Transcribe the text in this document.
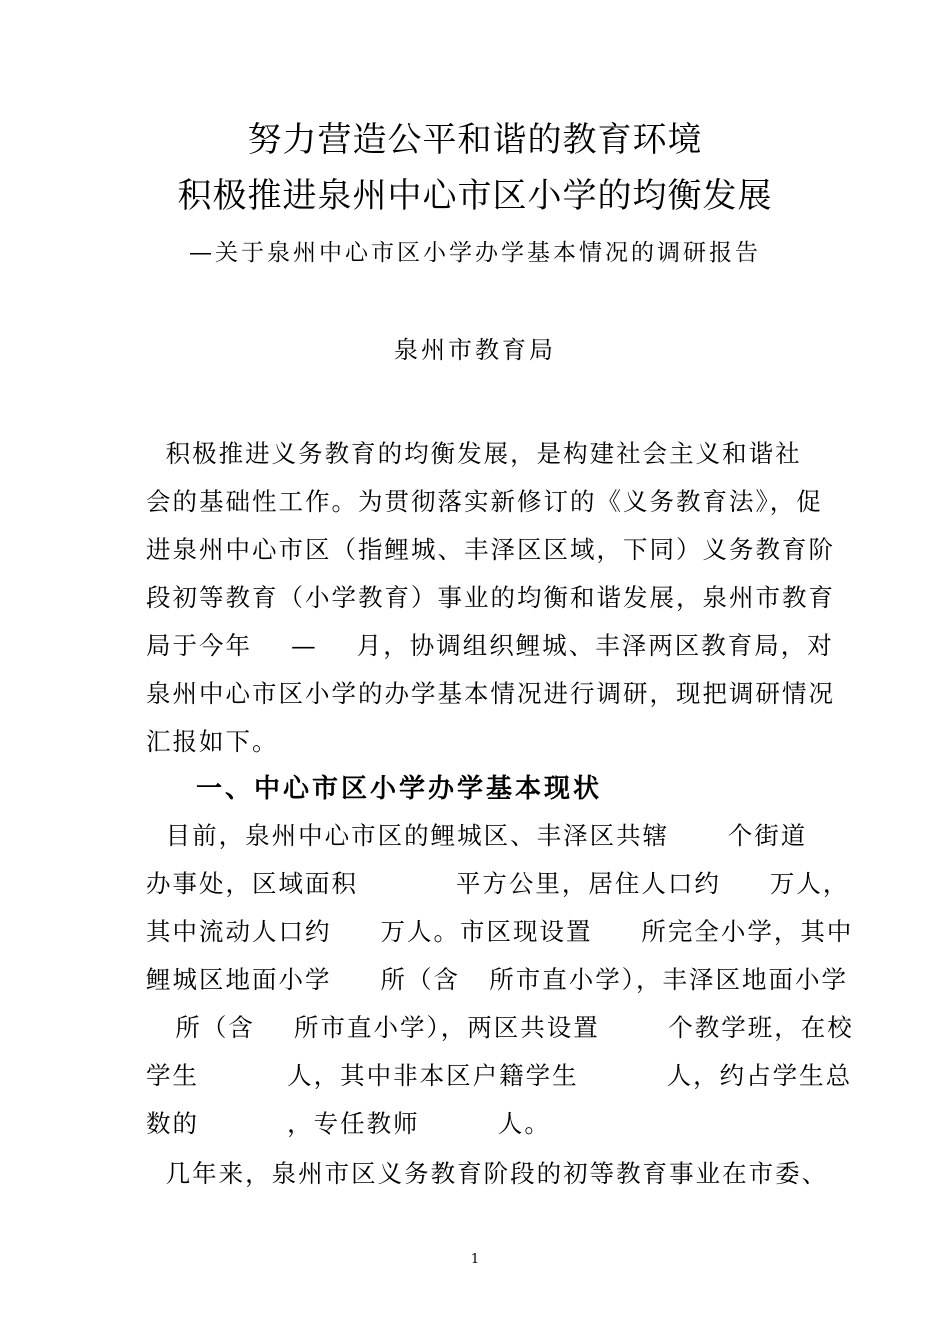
努力营造公平和谐的教育环境
积极推进泉州中心市区小学的均衡发展
—关于泉州中心市区小学办学基本情况的调研报告
泉州市教育局
积极推进义务教育的均衡发展，是构建社会主义和谐社
会的基础性工作。为贯彻落实新修订的《义务教育法》，促
进泉州中心市区（指鲤城、丰泽区区域，下同）义务教育阶
段初等教育（小学教育）事业的均衡和谐发展，泉州市教育
局于今年    —    月，协调组织鲤城、丰泽两区教育局，对
泉州中心市区小学的办学基本情况进行调研，现把调研情况
汇报如下。
一、中心市区小学办学基本现状
目前，泉州中心市区的鲤城区、丰泽区共辖      个街道
办事处，区域面积          平方公里，居住人口约     万人，
其中流动人口约     万人。市区现设置     所完全小学，其中
鲤城区地面小学     所（含   所市直小学），丰泽区地面小学
所（含    所市直小学），两区共设置       个教学班，在校
学生         人，其中非本区户籍学生         人，约占学生总
数的         ，专任教师        人。
几年来，泉州市区义务教育阶段的初等教育事业在市委、
1
